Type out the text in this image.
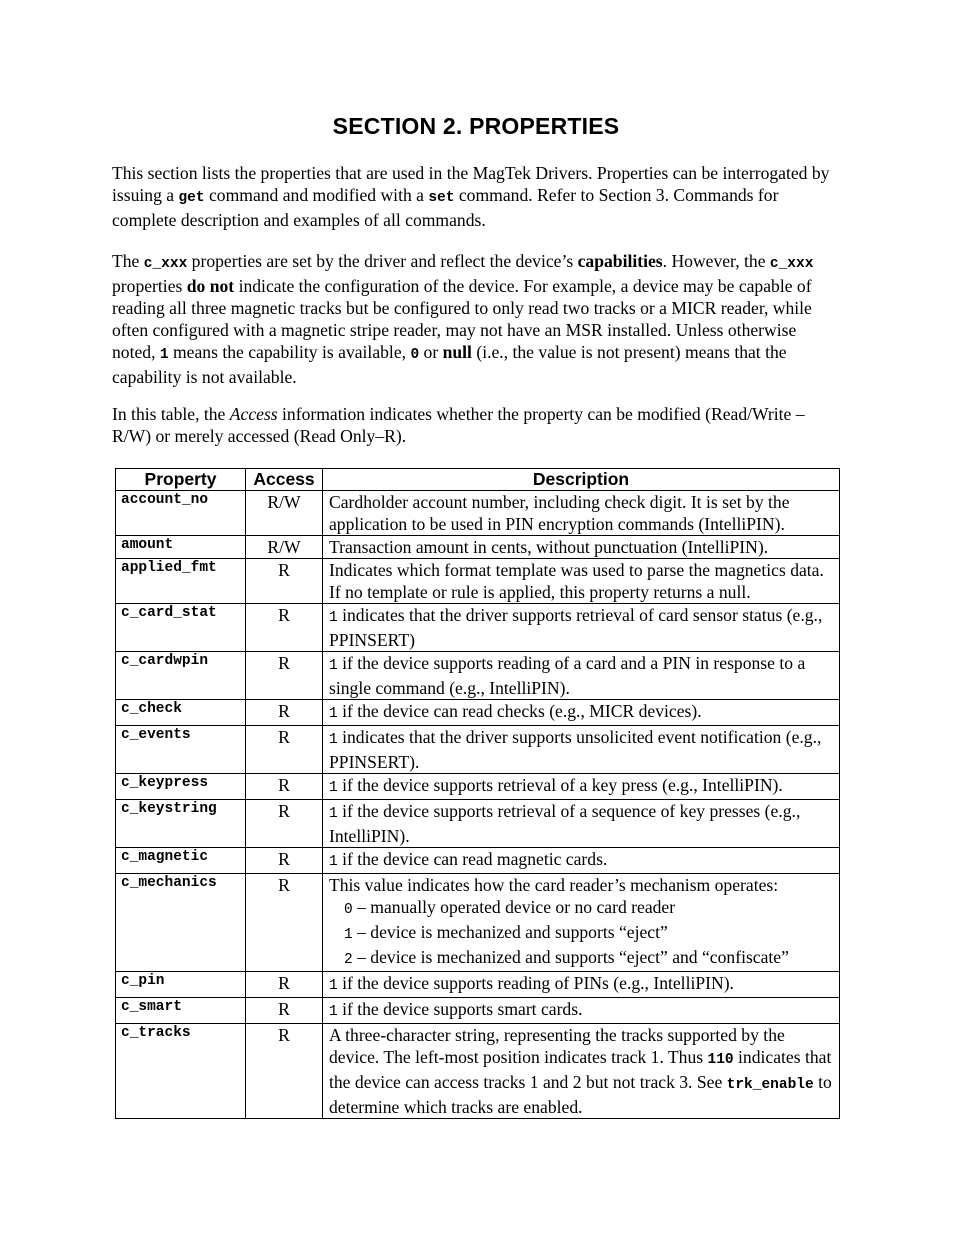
SECTION 2. PROPERTIES

This section lists the properties that are used in the MagTek Drivers. Properties can be interrogated by issuing a get command and modified with a set command. Refer to Section 3. Commands for complete description and examples of all commands.

The c_xxx properties are set by the driver and reflect the device’s capabilities. However, the c_xxx properties do not indicate the configuration of the device. For example, a device may be capable of reading all three magnetic tracks but be configured to only read two tracks or a MICR reader, while often configured with a magnetic stripe reader, may not have an MSR installed. Unless otherwise noted, 1 means the capability is available, 0 or null (i.e., the value is not present) means that the capability is not available.

In this table, the Access information indicates whether the property can be modified (Read/Write –R/W) or merely accessed (Read Only–R).

Property	Access	Description
account_no	R/W	Cardholder account number, including check digit. It is set by the application to be used in PIN encryption commands (IntelliPIN).
amount	R/W	Transaction amount in cents, without punctuation (IntelliPIN).
applied_fmt	R	Indicates which format template was used to parse the magnetics data. If no template or rule is applied, this property returns a null.
c_card_stat	R	1 indicates that the driver supports retrieval of card sensor status (e.g., PPINSERT)
c_cardwpin	R	1 if the device supports reading of a card and a PIN in response to a single command (e.g., IntelliPIN).
c_check	R	1 if the device can read checks (e.g., MICR devices).
c_events	R	1 indicates that the driver supports unsolicited event notification (e.g., PPINSERT).
c_keypress	R	1 if the device supports retrieval of a key press (e.g., IntelliPIN).
c_keystring	R	1 if the device supports retrieval of a sequence of key presses (e.g., IntelliPIN).
c_magnetic	R	1 if the device can read magnetic cards.
c_mechanics	R	This value indicates how the card reader’s mechanism operates:
0 – manually operated device or no card reader
1 – device is mechanized and supports “eject”
2 – device is mechanized and supports “eject” and “confiscate”

c_pin	R	1 if the device supports reading of PINs (e.g., IntelliPIN).
c_smart	R	1 if the device supports smart cards.
c_tracks	R	A three-character string, representing the tracks supported by the device. The left-most position indicates track 1. Thus 110 indicates that the device can access tracks 1 and 2 but not track 3. See trk_enable to determine which tracks are enabled.
